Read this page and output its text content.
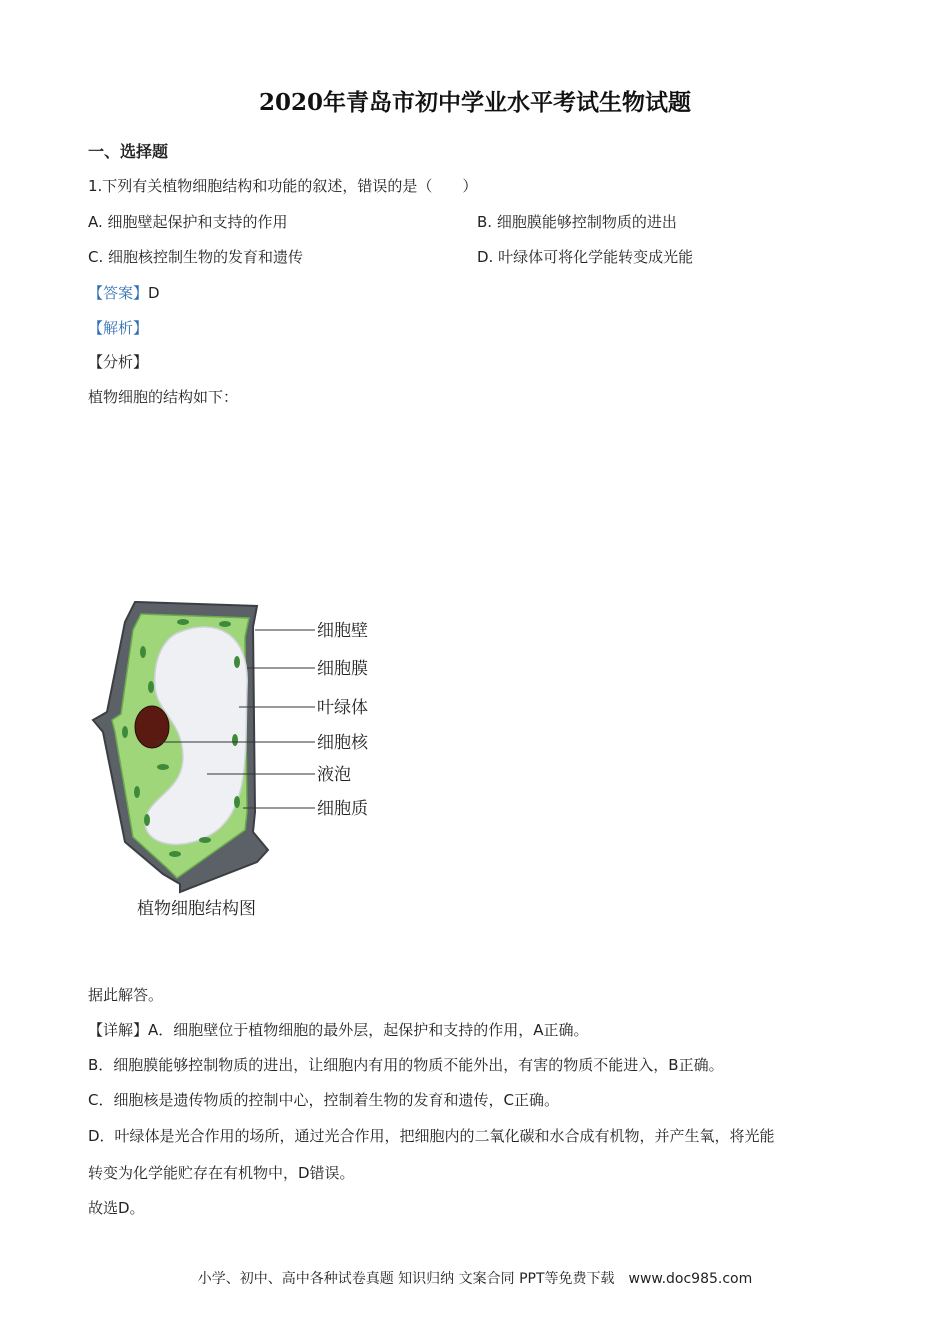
2020年青岛市初中学业水平考试生物试题
一、选择题
1.下列有关植物细胞结构和功能的叙述，错误的是（　　）
A. 细胞壁起保护和支持的作用	B. 细胞膜能够控制物质的进出
C. 细胞核控制生物的发育和遗传	D. 叶绿体可将化学能转变成光能
【答案】D
【解析】
【分析】
植物细胞的结构如下：
细胞壁
细胞膜
叶绿体
细胞核
液泡
细胞质
植物细胞结构图
据此解答。
【详解】A．细胞壁位于植物细胞的最外层，起保护和支持的作用，A正确。
B．细胞膜能够控制物质的进出，让细胞内有用的物质不能外出，有害的物质不能进入，B正确。
C．细胞核是遗传物质的控制中心，控制着生物的发育和遗传，C正确。
D．叶绿体是光合作用的场所，通过光合作用，把细胞内的二氧化碳和水合成有机物，并产生氧，将光能
转变为化学能贮存在有机物中，D错误。
故选D。
小学、初中、高中各种试卷真题 知识归纳 文案合同 PPT等免费下载　www.doc985.com
